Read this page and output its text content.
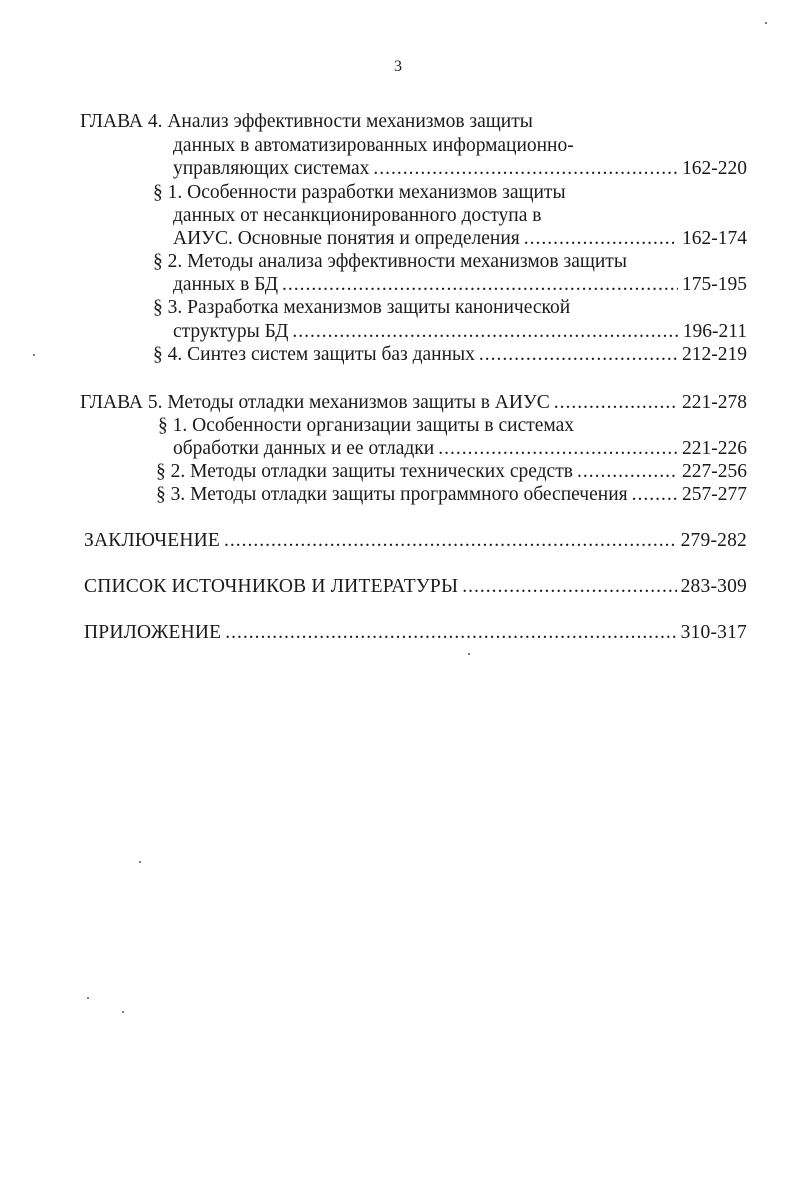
3
ГЛАВА 4. Анализ эффективности механизмов защиты
данных в автоматизированных информационно-
управляющих системах .....	162-220
§ 1. Особенности разработки механизмов защиты
данных от несанкционированного доступа в
АИУС. Основные понятия и определения .....	162-174
§ 2. Методы анализа эффективности механизмов защиты
данных в БД .....	175-195
§ 3. Разработка механизмов защиты канонической
структуры БД .....	196-211
§ 4. Синтез систем защиты баз данных .....	212-219
ГЛАВА 5. Методы отладки механизмов защиты в АИУС .....	221-278
§ 1. Особенности организации защиты в системах
обработки данных и ее отладки .....	221-226
§ 2. Методы отладки защиты технических средств .....	227-256
§ 3. Методы отладки защиты программного обеспечения .....	257-277
ЗАКЛЮЧЕНИЕ .....	279-282
СПИСОК ИСТОЧНИКОВ И ЛИТЕРАТУРЫ .....	283-309
ПРИЛОЖЕНИЕ .....	310-317
